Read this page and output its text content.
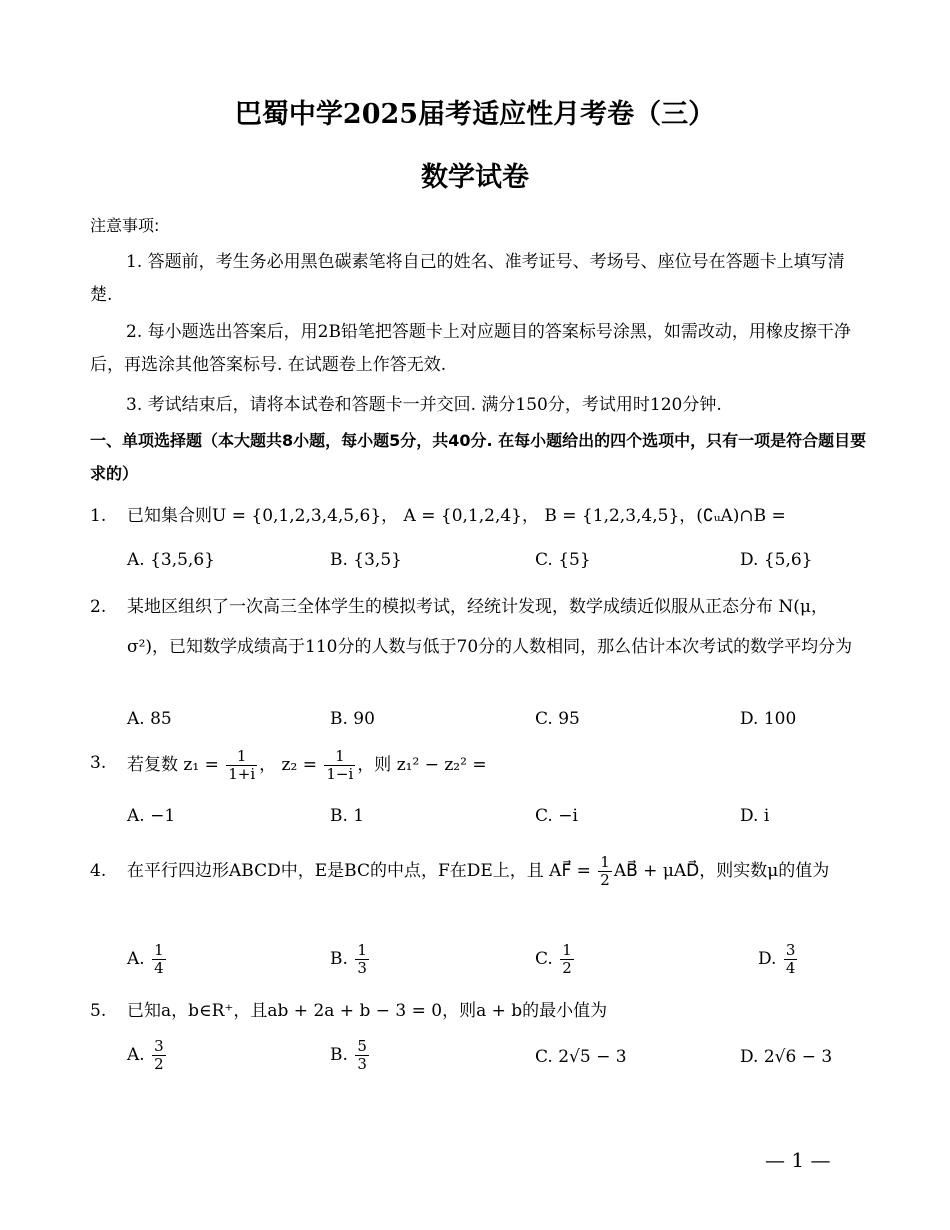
巴蜀中学2025届考适应性月考卷（三）
数学试卷
注意事项:
1. 答题前，考生务必用黑色碳素笔将自己的姓名、准考证号、考场号、座位号在答题卡上填写清楚.
2. 每小题选出答案后，用2B铅笔把答题卡上对应题目的答案标号涂黑，如需改动，用橡皮擦干净后，再选涂其他答案标号. 在试题卷上作答无效.
3. 考试结束后，请将本试卷和答题卡一并交回. 满分150分，考试用时120分钟.
一、单项选择题（本大题共8小题，每小题5分，共40分. 在每小题给出的四个选项中，只有一项是符合题目要求的）
1. 已知集合则U = {0,1,2,3,4,5,6}， A = {0,1,2,4}， B = {1,2,3,4,5}，(∁ᵤA)∩B =
A. {3,5,6}	B. {3,5}	C. {5}	D. {5,6}
2. 某地区组织了一次高三全体学生的模拟考试，经统计发现，数学成绩近似服从正态分布 N(μ， σ²)，已知数学成绩高于110分的人数与低于70分的人数相同，那么估计本次考试的数学平均分为
A. 85	B. 90	C. 95	D. 100
3. 若复数 $z_1 = \frac{1}{1+i}$ ， $z_2 = \frac{1}{1-i}$ ，则 z₁² − z₂² =
A. −1	B. 1	C. −i	D. i
4. 在平行四边形ABCD中，E是BC的中点，F在DE上，且 AF⃗ = $\frac{1}{2}$ AB⃗ + μAD⃗，则实数μ的值为
A. $\frac{1}{4}$	B. $\frac{1}{3}$	C. $\frac{1}{2}$	D. $\frac{3}{4}$
5. 已知a，b∈R⁺，且ab + 2a + b − 3 = 0，则a + b的最小值为
A. $\frac{3}{2}$	B. $\frac{5}{3}$	C. 2√5 − 3	D. 2√6 − 3
— 1 —
